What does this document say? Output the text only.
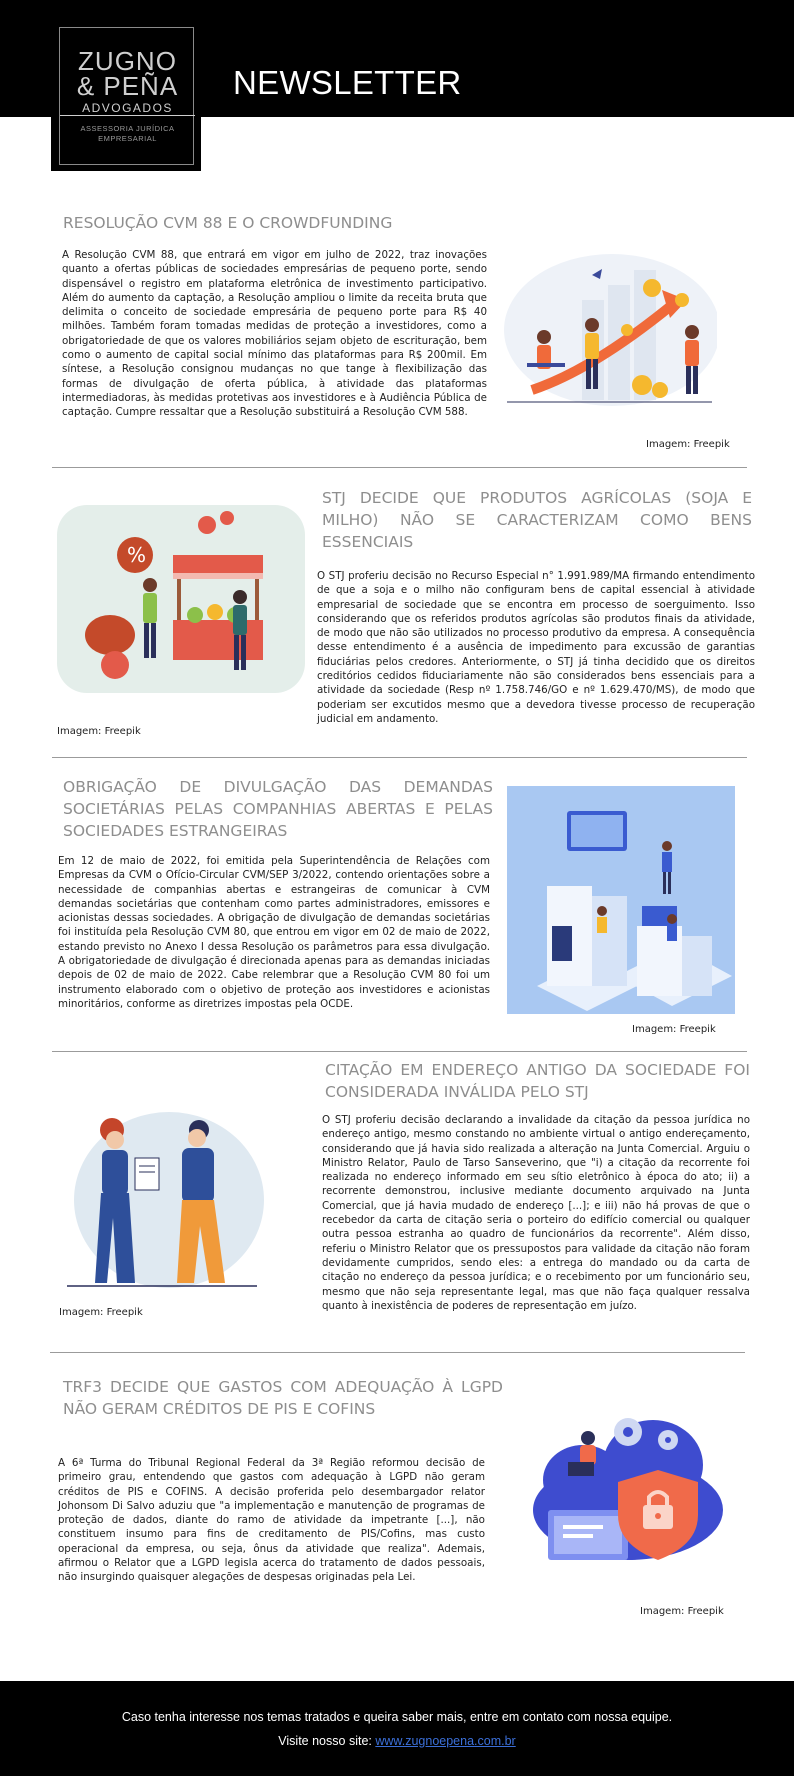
ZUGNO
& PEÑA
ADVOGADOS
ASSESSORIA JURÍDICA
EMPRESARIAL
NEWSLETTER
RESOLUÇÃO CVM 88 E O CROWDFUNDING
A Resolução CVM 88, que entrará em vigor em julho de 2022, traz inovações quanto a ofertas públicas de sociedades empresárias de pequeno porte, sendo dispensável o registro em plataforma eletrônica de investimento participativo. Além do aumento da captação, a Resolução ampliou o limite da receita bruta que delimita o conceito de sociedade empresária de pequeno porte para R$ 40 milhões. Também foram tomadas medidas de proteção a investidores, como a obrigatoriedade de que os valores mobiliários sejam objeto de escrituração, bem como o aumento de capital social mínimo das plataformas para R$ 200mil. Em síntese, a Resolução consignou mudanças no que tange à flexibilização das formas de divulgação de oferta pública, à atividade das plataformas intermediadoras, às medidas protetivas aos investidores e à Audiência Pública de captação. Cumpre ressaltar que a Resolução substituirá a Resolução CVM 588.
Imagem: Freepik
%
STJ DECIDE QUE PRODUTOS AGRÍCOLAS (SOJA E MILHO) NÃO SE CARACTERIZAM COMO BENS ESSENCIAIS
O STJ proferiu decisão no Recurso Especial n° 1.991.989/MA firmando entendimento de que a soja e o milho não configuram bens de capital essencial à atividade empresarial de sociedade que se encontra em processo de soerguimento. Isso considerando que os referidos produtos agrícolas são produtos finais da atividade, de modo que não são utilizados no processo produtivo da empresa. A consequência desse entendimento é a ausência de impedimento para excussão de garantias fiduciárias pelos credores. Anteriormente, o STJ já tinha decidido que os direitos creditórios cedidos fiduciariamente não são considerados bens essenciais para a atividade da sociedade (Resp nº 1.758.746/GO e nº 1.629.470/MS), de modo que poderiam ser excutidos mesmo que a devedora tivesse processo de recuperação judicial em andamento.
Imagem: Freepik
OBRIGAÇÃO DE DIVULGAÇÃO DAS DEMANDAS SOCIETÁRIAS PELAS COMPANHIAS ABERTAS E PELAS SOCIEDADES ESTRANGEIRAS
Em 12 de maio de 2022, foi emitida pela Superintendência de Relações com Empresas da CVM o Ofício-Circular CVM/SEP 3/2022, contendo orientações sobre a necessidade de companhias abertas e estrangeiras de comunicar à CVM demandas societárias que contenham como partes administradores, emissores e acionistas dessas sociedades. A obrigação de divulgação de demandas societárias foi instituída pela Resolução CVM 80, que entrou em vigor em 02 de maio de 2022, estando previsto no Anexo I dessa Resolução os parâmetros para essa divulgação. A obrigatoriedade de divulgação é direcionada apenas para as demandas iniciadas depois de 02 de maio de 2022. Cabe relembrar que a Resolução CVM 80 foi um instrumento elaborado com o objetivo de proteção aos investidores e acionistas minoritários, conforme as diretrizes impostas pela OCDE.
Imagem: Freepik
Imagem: Freepik
CITAÇÃO EM ENDEREÇO ANTIGO DA SOCIEDADE FOI CONSIDERADA INVÁLIDA PELO STJ
O STJ proferiu decisão declarando a invalidade da citação da pessoa jurídica no endereço antigo, mesmo constando no ambiente virtual o antigo endereçamento, considerando que já havia sido realizada a alteração na Junta Comercial. Arguiu o Ministro Relator, Paulo de Tarso Sanseverino, que "i) a citação da recorrente foi realizada no endereço informado em seu sítio eletrônico à época do ato; ii) a recorrente demonstrou, inclusive mediante documento arquivado na Junta Comercial, que já havia mudado de endereço [...]; e iii) não há provas de que o recebedor da carta de citação seria o porteiro do edifício comercial ou qualquer outra pessoa estranha ao quadro de funcionários da recorrente". Além disso, referiu o Ministro Relator que os pressupostos para validade da citação não foram devidamente cumpridos, sendo eles: a entrega do mandado ou da carta de citação no endereço da pessoa jurídica; e o recebimento por um funcionário seu, mesmo que não seja representante legal, mas que não faça qualquer ressalva quanto à inexistência de poderes de representação em juízo.
TRF3 DECIDE QUE GASTOS COM ADEQUAÇÃO À LGPD NÃO GERAM CRÉDITOS DE PIS E COFINS
A 6ª Turma do Tribunal Regional Federal da 3ª Região reformou decisão de primeiro grau, entendendo que gastos com adequação à LGPD não geram créditos de PIS e COFINS. A decisão proferida pelo desembargador relator Johonsom Di Salvo aduziu que "a implementação e manutenção de programas de proteção de dados, diante do ramo de atividade da impetrante [...], não constituem insumo para fins de creditamento de PIS/Cofins, mas custo operacional da empresa, ou seja, ônus da atividade que realiza". Ademais, afirmou o Relator que a LGPD legisla acerca do tratamento de dados pessoais, não insurgindo quaisquer alegações de despesas originadas pela Lei.
Imagem: Freepik
Caso tenha interesse nos temas tratados e queira saber mais, entre em contato com nossa equipe.
Visite nosso site: www.zugnoepena.com.br
